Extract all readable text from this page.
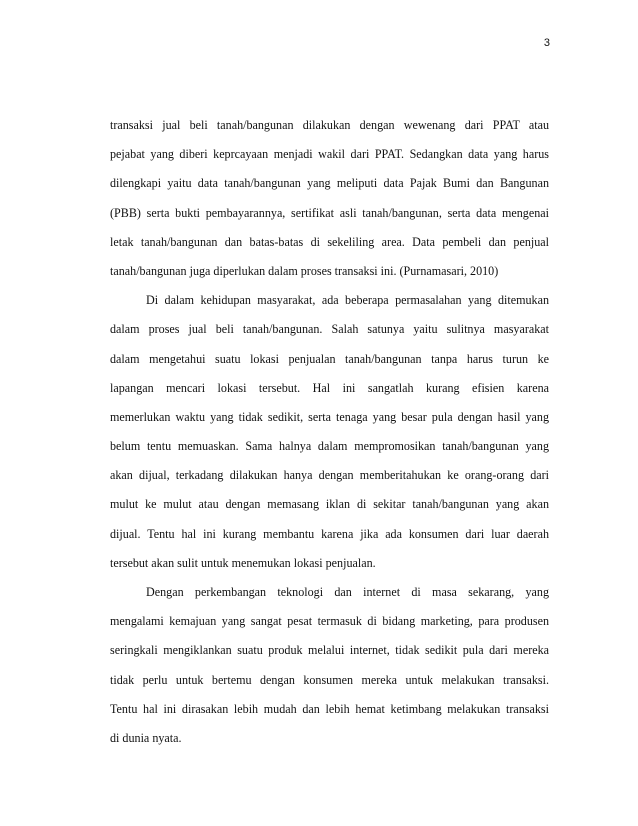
3
transaksi jual beli tanah/bangunan dilakukan dengan wewenang dari PPAT atau
pejabat yang diberi keprcayaan menjadi wakil dari PPAT. Sedangkan data yang harus
dilengkapi yaitu data tanah/bangunan yang meliputi data Pajak Bumi dan Bangunan
(PBB) serta bukti pembayarannya, sertifikat asli tanah/bangunan, serta data mengenai
letak tanah/bangunan dan batas-batas di sekeliling area. Data pembeli dan penjual
tanah/bangunan juga diperlukan dalam proses transaksi ini. (Purnamasari, 2010)
Di dalam kehidupan masyarakat, ada beberapa permasalahan yang ditemukan
dalam proses jual beli tanah/bangunan. Salah satunya yaitu sulitnya masyarakat
dalam mengetahui suatu lokasi penjualan tanah/bangunan tanpa harus turun ke
lapangan mencari lokasi tersebut. Hal ini sangatlah kurang efisien karena
memerlukan waktu yang tidak sedikit, serta tenaga yang besar pula dengan hasil yang
belum tentu memuaskan. Sama halnya dalam mempromosikan tanah/bangunan yang
akan dijual, terkadang dilakukan hanya dengan memberitahukan ke orang-orang dari
mulut ke mulut atau dengan memasang iklan di sekitar tanah/bangunan yang akan
dijual. Tentu hal ini kurang membantu karena jika ada konsumen dari luar daerah
tersebut akan sulit untuk menemukan lokasi penjualan.
Dengan perkembangan teknologi dan internet di masa sekarang, yang
mengalami kemajuan yang sangat pesat termasuk di bidang marketing, para produsen
seringkali mengiklankan suatu produk melalui internet, tidak sedikit pula dari mereka
tidak perlu untuk bertemu dengan konsumen mereka untuk melakukan transaksi.
Tentu hal ini dirasakan lebih mudah dan lebih hemat ketimbang melakukan transaksi
di dunia nyata.
